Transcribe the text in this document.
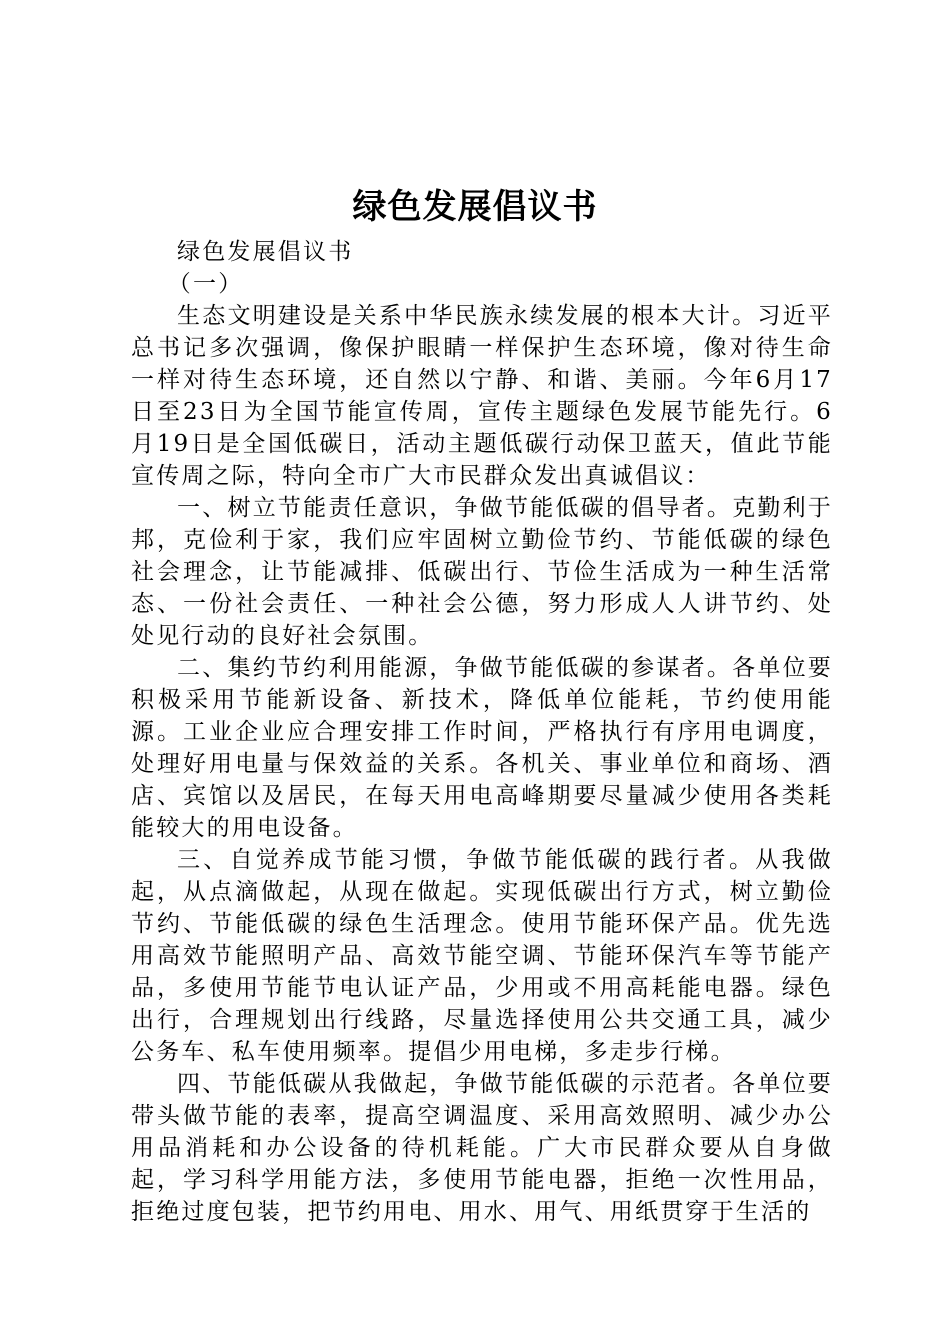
绿色发展倡议书

绿色发展倡议书

（一）

生态文明建设是关系中华民族永续发展的根本大计。习近平总书记多次强调，像保护眼睛一样保护生态环境，像对待生命一样对待生态环境，还自然以宁静、和谐、美丽。今年6月17日至23日为全国节能宣传周，宣传主题绿色发展节能先行。6月19日是全国低碳日，活动主题低碳行动保卫蓝天，值此节能宣传周之际，特向全市广大市民群众发出真诚倡议：

一、树立节能责任意识，争做节能低碳的倡导者。克勤利于邦，克俭利于家，我们应牢固树立勤俭节约、节能低碳的绿色社会理念，让节能减排、低碳出行、节俭生活成为一种生活常态、一份社会责任、一种社会公德，努力形成人人讲节约、处处见行动的良好社会氛围。

二、集约节约利用能源，争做节能低碳的参谋者。各单位要积极采用节能新设备、新技术，降低单位能耗，节约使用能源。工业企业应合理安排工作时间，严格执行有序用电调度，处理好用电量与保效益的关系。各机关、事业单位和商场、酒店、宾馆以及居民，在每天用电高峰期要尽量减少使用各类耗能较大的用电设备。

三、自觉养成节能习惯，争做节能低碳的践行者。从我做起，从点滴做起，从现在做起。实现低碳出行方式，树立勤俭节约、节能低碳的绿色生活理念。使用节能环保产品。优先选用高效节能照明产品、高效节能空调、节能环保汽车等节能产品，多使用节能节电认证产品，少用或不用高耗能电器。绿色出行，合理规划出行线路，尽量选择使用公共交通工具，减少公务车、私车使用频率。提倡少用电梯，多走步行梯。

四、节能低碳从我做起，争做节能低碳的示范者。各单位要带头做节能的表率，提高空调温度、采用高效照明、减少办公用品消耗和办公设备的待机耗能。广大市民群众要从自身做起，学习科学用能方法，多使用节能电器，拒绝一次性用品，拒绝过度包装，把节约用电、用水、用气、用纸贯穿于生活的
